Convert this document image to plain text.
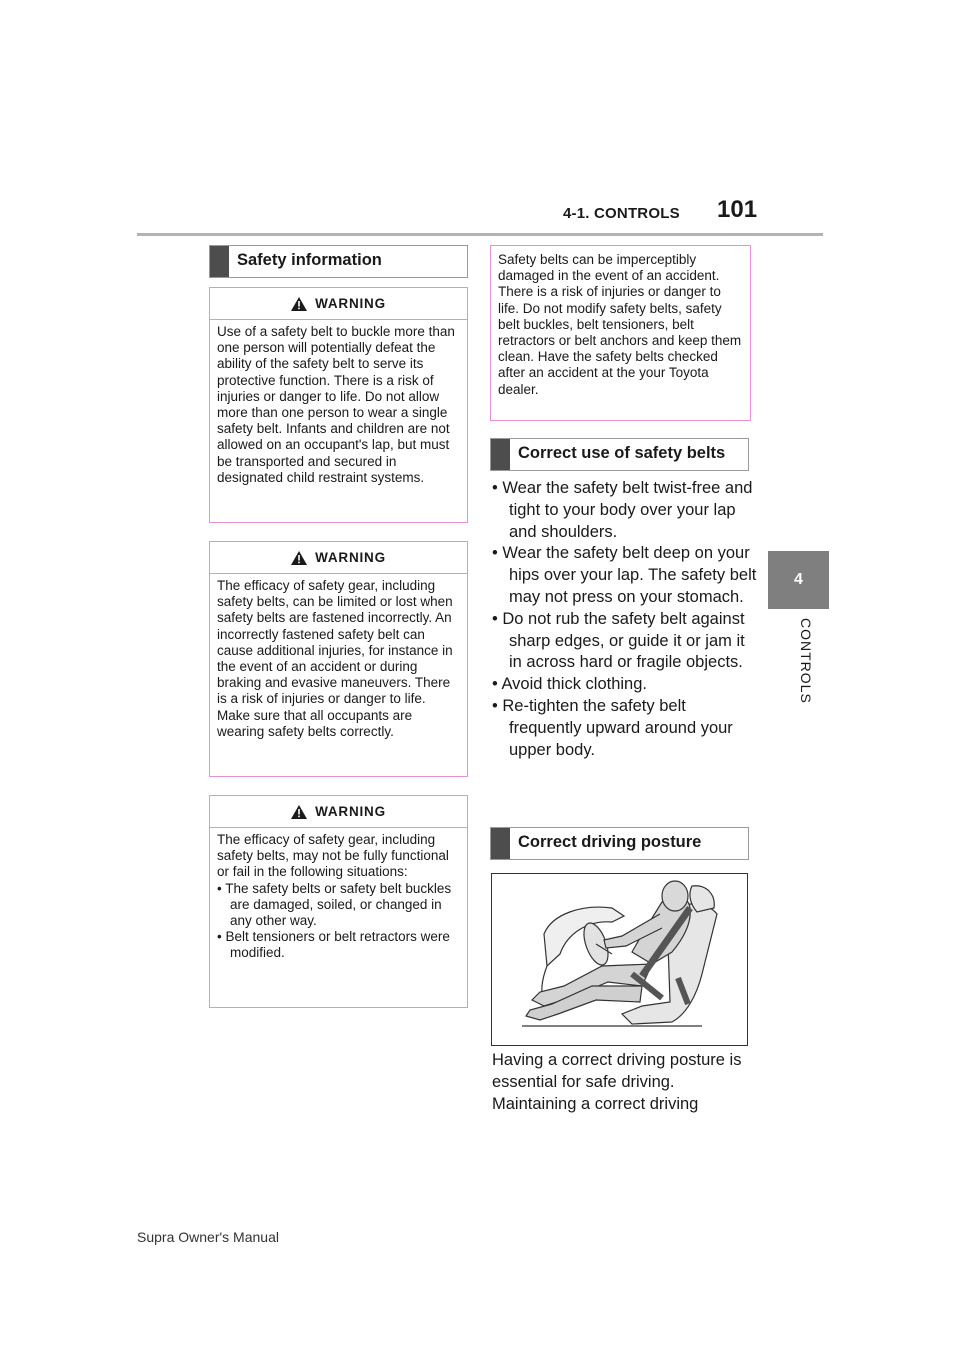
4-1. CONTROLS 101
4
CONTROLS
Safety information
WARNING

Use of a safety belt to buckle more than one person will potentially defeat the ability of the safety belt to serve its protective function. There is a risk of injuries or danger to life. Do not allow more than one person to wear a single safety belt. Infants and children are not allowed on an occupant's lap, but must be transported and secured in designated child restraint systems.

WARNING

The efficacy of safety gear, including safety belts, can be limited or lost when safety belts are fastened incorrectly. An incorrectly fastened safety belt can cause additional injuries, for instance in the event of an accident or during braking and evasive maneuvers. There is a risk of injuries or danger to life. Make sure that all occupants are wearing safety belts correctly.

WARNING

The efficacy of safety gear, including safety belts, may not be fully functional or fail in the following situations:

• The safety belts or safety belt buckles are damaged, soiled, or changed in any other way.

• Belt tensioners or belt retractors were modified.

Safety belts can be imperceptibly damaged in the event of an accident. There is a risk of injuries or danger to life. Do not modify safety belts, safety belt buckles, belt tensioners, belt retractors or belt anchors and keep them clean. Have the safety belts checked after an accident at the your Toyota dealer.
Correct use of safety belts

• Wear the safety belt twist-free and tight to your body over your lap and shoulders.

• Wear the safety belt deep on your hips over your lap. The safety belt may not press on your stomach.

• Do not rub the safety belt against sharp edges, or guide it or jam it in across hard or fragile objects.

• Avoid thick clothing.

• Re-tighten the safety belt frequently upward around your upper body.

Correct driving posture
Having a correct driving posture is essential for safe driving. Maintaining a correct driving
Supra Owner's Manual
